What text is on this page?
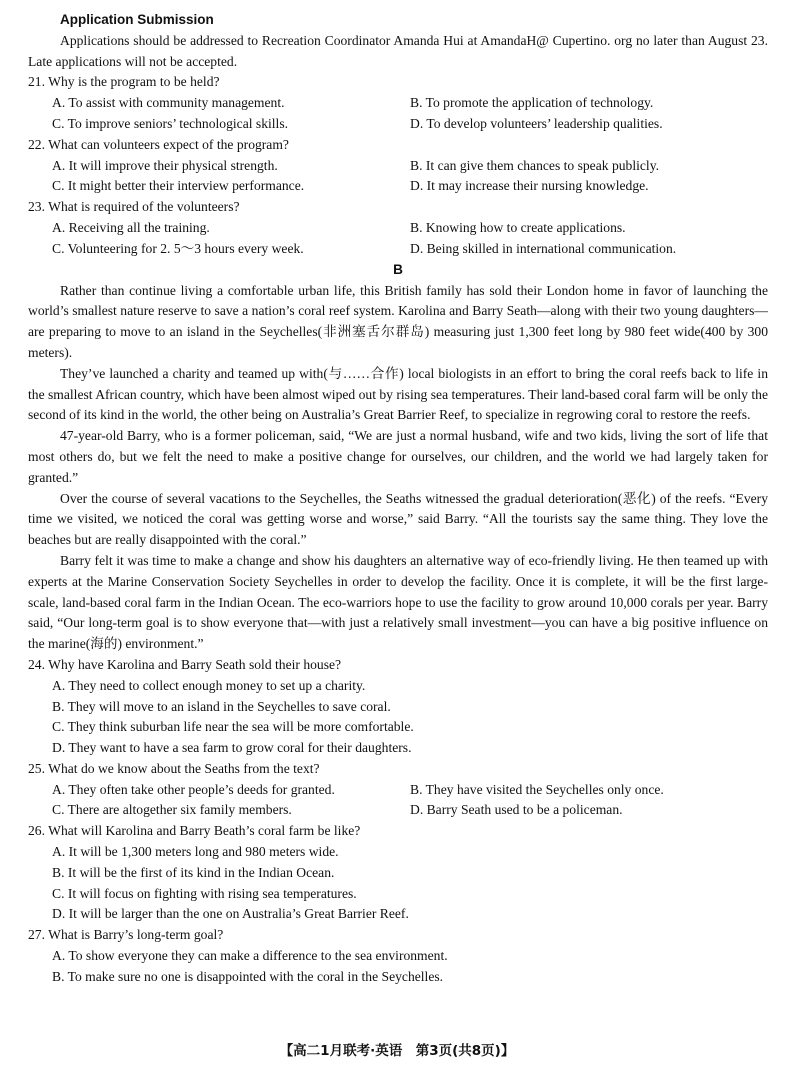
Application Submission

Applications should be addressed to Recreation Coordinator Amanda Hui at AmandaH@ Cupertino. org no later than August 23. Late applications will not be accepted.

21. Why is the program to be held?

A. To assist with community management.	B. To promote the application of technology.
C. To improve seniors’ technological skills.	D. To develop volunteers’ leadership qualities.

22. What can volunteers expect of the program?

A. It will improve their physical strength.	B. It can give them chances to speak publicly.
C. It might better their interview performance.	D. It may increase their nursing knowledge.

23. What is required of the volunteers?

A. Receiving all the training.	B. Knowing how to create applications.
C. Volunteering for 2. 5～3 hours every week.	D. Being skilled in international communication.
B

Rather than continue living a comfortable urban life, this British family has sold their London home in favor of launching the world’s smallest nature reserve to save a nation’s coral reef system. Karolina and Barry Seath—along with their two young daughters—are preparing to move to an island in the Seychelles(非洲塞舌尔群岛) measuring just 1,300 feet long by 980 feet wide(400 by 300 meters).

They’ve launched a charity and teamed up with(与……合作) local biologists in an effort to bring the coral reefs back to life in the smallest African country, which have been almost wiped out by rising sea temperatures. Their land-based coral farm will be only the second of its kind in the world, the other being on Australia’s Great Barrier Reef, to specialize in regrowing coral to restore the reefs.

47-year-old Barry, who is a former policeman, said, “We are just a normal husband, wife and two kids, living the sort of life that most others do, but we felt the need to make a positive change for ourselves, our children, and the world we had largely taken for granted.”

Over the course of several vacations to the Seychelles, the Seaths witnessed the gradual deterioration(恶化) of the reefs. “Every time we visited, we noticed the coral was getting worse and worse,” said Barry. “All the tourists say the same thing. They love the beaches but are really disappointed with the coral.”

Barry felt it was time to make a change and show his daughters an alternative way of eco-friendly living. He then teamed up with experts at the Marine Conservation Society Seychelles in order to develop the facility. Once it is complete, it will be the first large-scale, land-based coral farm in the Indian Ocean. The eco-warriors hope to use the facility to grow around 10,000 corals per year. Barry said, “Our long-term goal is to show everyone that—with just a relatively small investment—you can have a big positive influence on the marine(海的) environment.”

24. Why have Karolina and Barry Seath sold their house?

A. They need to collect enough money to set up a charity.
B. They will move to an island in the Seychelles to save coral.
C. They think suburban life near the sea will be more comfortable.
D. They want to have a sea farm to grow coral for their daughters.

25. What do we know about the Seaths from the text?

A. They often take other people’s deeds for granted.	B. They have visited the Seychelles only once.
C. There are altogether six family members.	D. Barry Seath used to be a policeman.

26. What will Karolina and Barry Beath’s coral farm be like?

A. It will be 1,300 meters long and 980 meters wide.
B. It will be the first of its kind in the Indian Ocean.
C. It will focus on fighting with rising sea temperatures.
D. It will be larger than the one on Australia’s Great Barrier Reef.

27. What is Barry’s long-term goal?

A. To show everyone they can make a difference to the sea environment.
B. To make sure no one is disappointed with the coral in the Seychelles.
【高二1月联考·英语　第3页(共8页)】
